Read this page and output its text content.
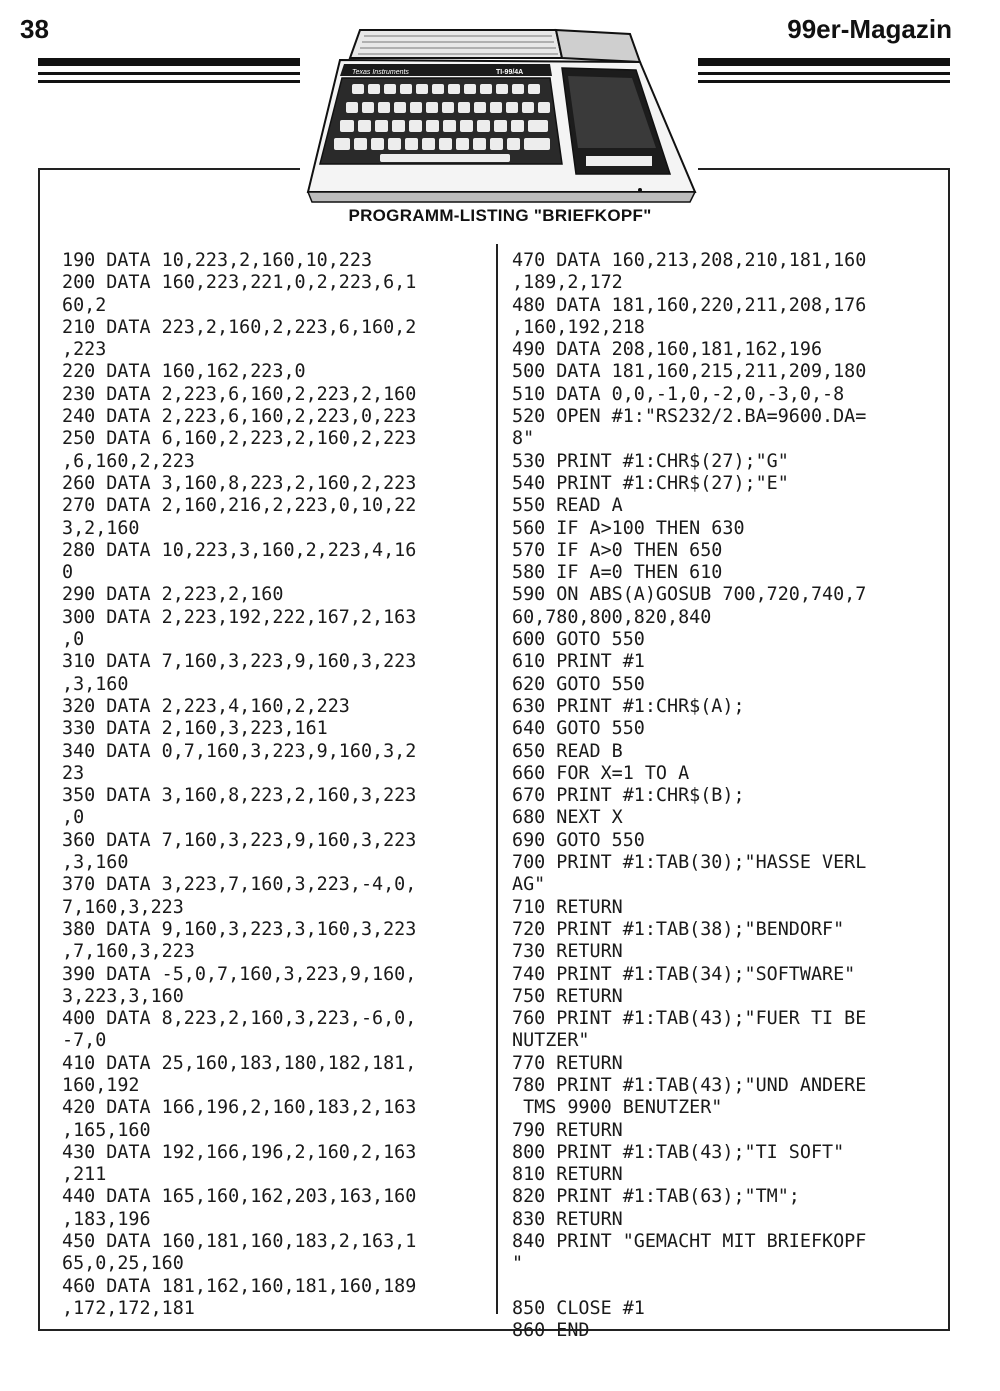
38	99er-Magazin
Texas Instruments	TI-99/4A
PROGRAMM-LISTING "BRIEFKOPF"
190 DATA 10,223,2,160,10,223
200 DATA 160,223,221,0,2,223,6,1
60,2
210 DATA 223,2,160,2,223,6,160,2
,223
220 DATA 160,162,223,0
230 DATA 2,223,6,160,2,223,2,160
240 DATA 2,223,6,160,2,223,0,223
250 DATA 6,160,2,223,2,160,2,223
,6,160,2,223
260 DATA 3,160,8,223,2,160,2,223
270 DATA 2,160,216,2,223,0,10,22
3,2,160
280 DATA 10,223,3,160,2,223,4,16
0
290 DATA 2,223,2,160
300 DATA 2,223,192,222,167,2,163
,0
310 DATA 7,160,3,223,9,160,3,223
,3,160
320 DATA 2,223,4,160,2,223
330 DATA 2,160,3,223,161
340 DATA 0,7,160,3,223,9,160,3,2
23
350 DATA 3,160,8,223,2,160,3,223
,0
360 DATA 7,160,3,223,9,160,3,223
,3,160
370 DATA 3,223,7,160,3,223,-4,0,
7,160,3,223
380 DATA 9,160,3,223,3,160,3,223
,7,160,3,223
390 DATA -5,0,7,160,3,223,9,160,
3,223,3,160
400 DATA 8,223,2,160,3,223,-6,0,
-7,0
410 DATA 25,160,183,180,182,181,
160,192
420 DATA 166,196,2,160,183,2,163
,165,160
430 DATA 192,166,196,2,160,2,163
,211
440 DATA 165,160,162,203,163,160
,183,196
450 DATA 160,181,160,183,2,163,1
65,0,25,160
460 DATA 181,162,160,181,160,189
,172,172,181
470 DATA 160,213,208,210,181,160
,189,2,172
480 DATA 181,160,220,211,208,176
,160,192,218
490 DATA 208,160,181,162,196
500 DATA 181,160,215,211,209,180
510 DATA 0,0,-1,0,-2,0,-3,0,-8
520 OPEN #1:"RS232/2.BA=9600.DA=
8"
530 PRINT #1:CHR$(27);"G"
540 PRINT #1:CHR$(27);"E"
550 READ A
560 IF A>100 THEN 630
570 IF A>0 THEN 650
580 IF A=0 THEN 610
590 ON ABS(A)GOSUB 700,720,740,7
60,780,800,820,840
600 GOTO 550
610 PRINT #1
620 GOTO 550
630 PRINT #1:CHR$(A);
640 GOTO 550
650 READ B
660 FOR X=1 TO A
670 PRINT #1:CHR$(B);
680 NEXT X
690 GOTO 550
700 PRINT #1:TAB(30);"HASSE VERL
AG"
710 RETURN
720 PRINT #1:TAB(38);"BENDORF"
730 RETURN
740 PRINT #1:TAB(34);"SOFTWARE"
750 RETURN
760 PRINT #1:TAB(43);"FUER TI BE
NUTZER"
770 RETURN
780 PRINT #1:TAB(43);"UND ANDERE
TMS 9900 BENUTZER"
790 RETURN
800 PRINT #1:TAB(43);"TI SOFT"
810 RETURN
820 PRINT #1:TAB(63);"TM";
830 RETURN
840 PRINT "GEMACHT MIT BRIEFKOPF
"
850 CLOSE #1
860 END
